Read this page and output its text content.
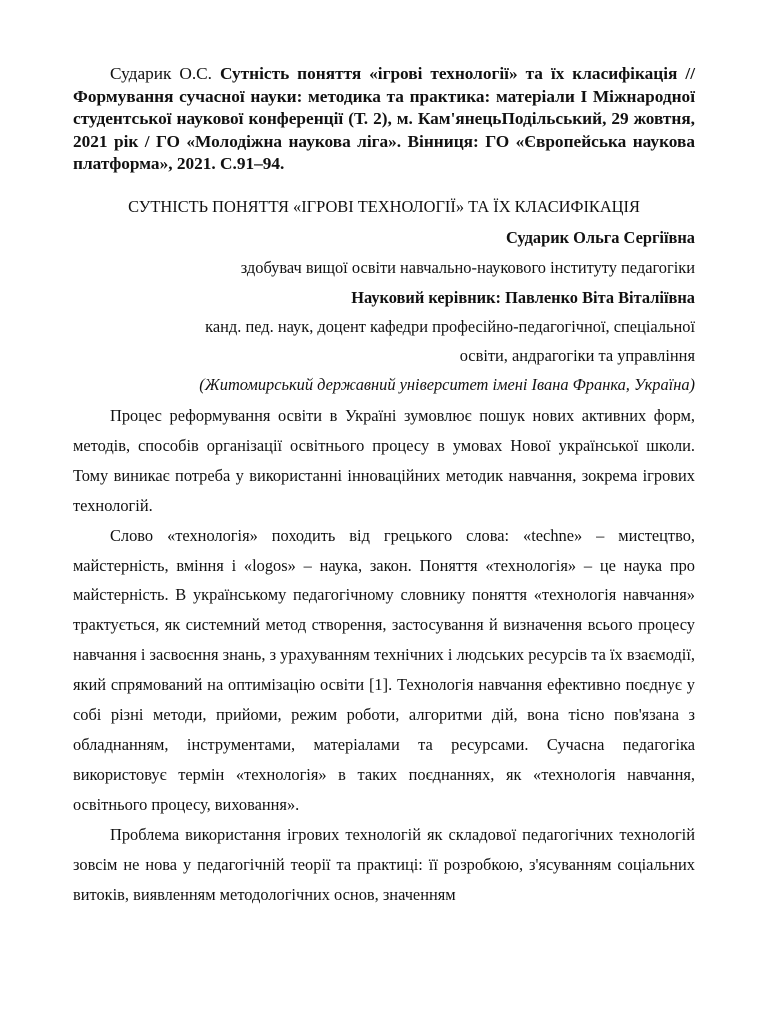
Сударик О.С. Сутність поняття «ігрові технології» та їх класифікація // Формування сучасної науки: методика та практика: матеріали І Міжнародної студентської наукової конференції (Т. 2), м. Кам'янецьПодільський, 29 жовтня, 2021 рік / ГО «Молодіжна наукова ліга». Вінниця: ГО «Європейська наукова платформа», 2021. С.91–94.

СУТНІСТЬ ПОНЯТТЯ «ІГРОВІ ТЕХНОЛОГІЇ» ТА ЇХ КЛАСИФІКАЦІЯ

Сударик Ольга Сергіївна

здобувач вищої освіти навчально-наукового інституту педагогіки

Науковий керівник: Павленко Віта Віталіївна

канд. пед. наук, доцент кафедри професійно-педагогічної, спеціальної

освіти, андрагогіки та управління

(Житомирський державний університет імені Івана Франка, Україна)

Процес реформування освіти в Україні зумовлює пошук нових активних форм, методів, способів організації освітнього процесу в умовах Нової української школи. Тому виникає потреба у використанні інноваційних методик навчання, зокрема ігрових технологій.

Слово «технологія» походить від грецького слова: «techne» – мистецтво, майстерність, вміння і «logos» – наука, закон. Поняття «технологія» – це наука про майстерність. В українському педагогічному словнику поняття «технологія навчання» трактується, як системний метод створення, застосування й визначення всього процесу навчання і засвоєння знань, з урахуванням технічних і людських ресурсів та їх взаємодії, який спрямований на оптимізацію освіти [1]. Технологія навчання ефективно поєднує у собі різні методи, прийоми, режим роботи, алгоритми дій, вона тісно пов'язана з обладнанням, інструментами, матеріалами та ресурсами. Сучасна педагогіка використовує термін «технологія» в таких поєднаннях, як «технологія навчання, освітнього процесу, виховання».

Проблема використання ігрових технологій як складової педагогічних технологій зовсім не нова у педагогічній теорії та практиці: її розробкою, з'ясуванням соціальних витоків, виявленням методологічних основ, значенням
